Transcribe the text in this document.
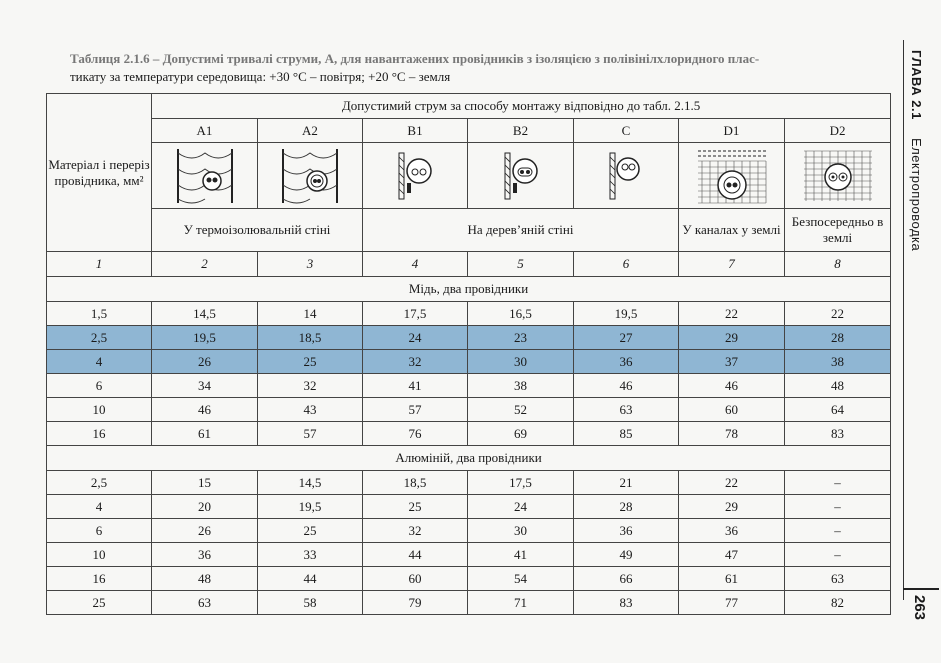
Таблиця 2.1.6 – Допустимі тривалі струми, А, для навантажених провідників з ізоляцією з полівінілхлоридного плас-
тикату за температури середовища: +30 °С – повітря; +20 °С – земля	ГЛАВА 2.1 Електропроводка
263
Матеріал і переріз провідника, мм²	Допустимий струм за способу монтажу відповідно до табл. 2.1.5						
	A1	A2	B1	B2	C	D1	D2

	У термоізолювальній стіні		На дерев’яній стіні			У каналах у землі	Безпосередньо в землі
1	2	3	4	5	6	7	8
Мідь, два провідники							
1,5	14,5	14	17,5	16,5	19,5	22	22
2,5	19,5	18,5	24	23	27	29	28
4	26	25	32	30	36	37	38
6	34	32	41	38	46	46	48
10	46	43	57	52	63	60	64
16	61	57	76	69	85	78	83
Алюміній, два провідники							
2,5	15	14,5	18,5	17,5	21	22	–
4	20	19,5	25	24	28	29	–
6	26	25	32	30	36	36	–
10	36	33	44	41	49	47	–
16	48	44	60	54	66	61	63
25	63	58	79	71	83	77	82
